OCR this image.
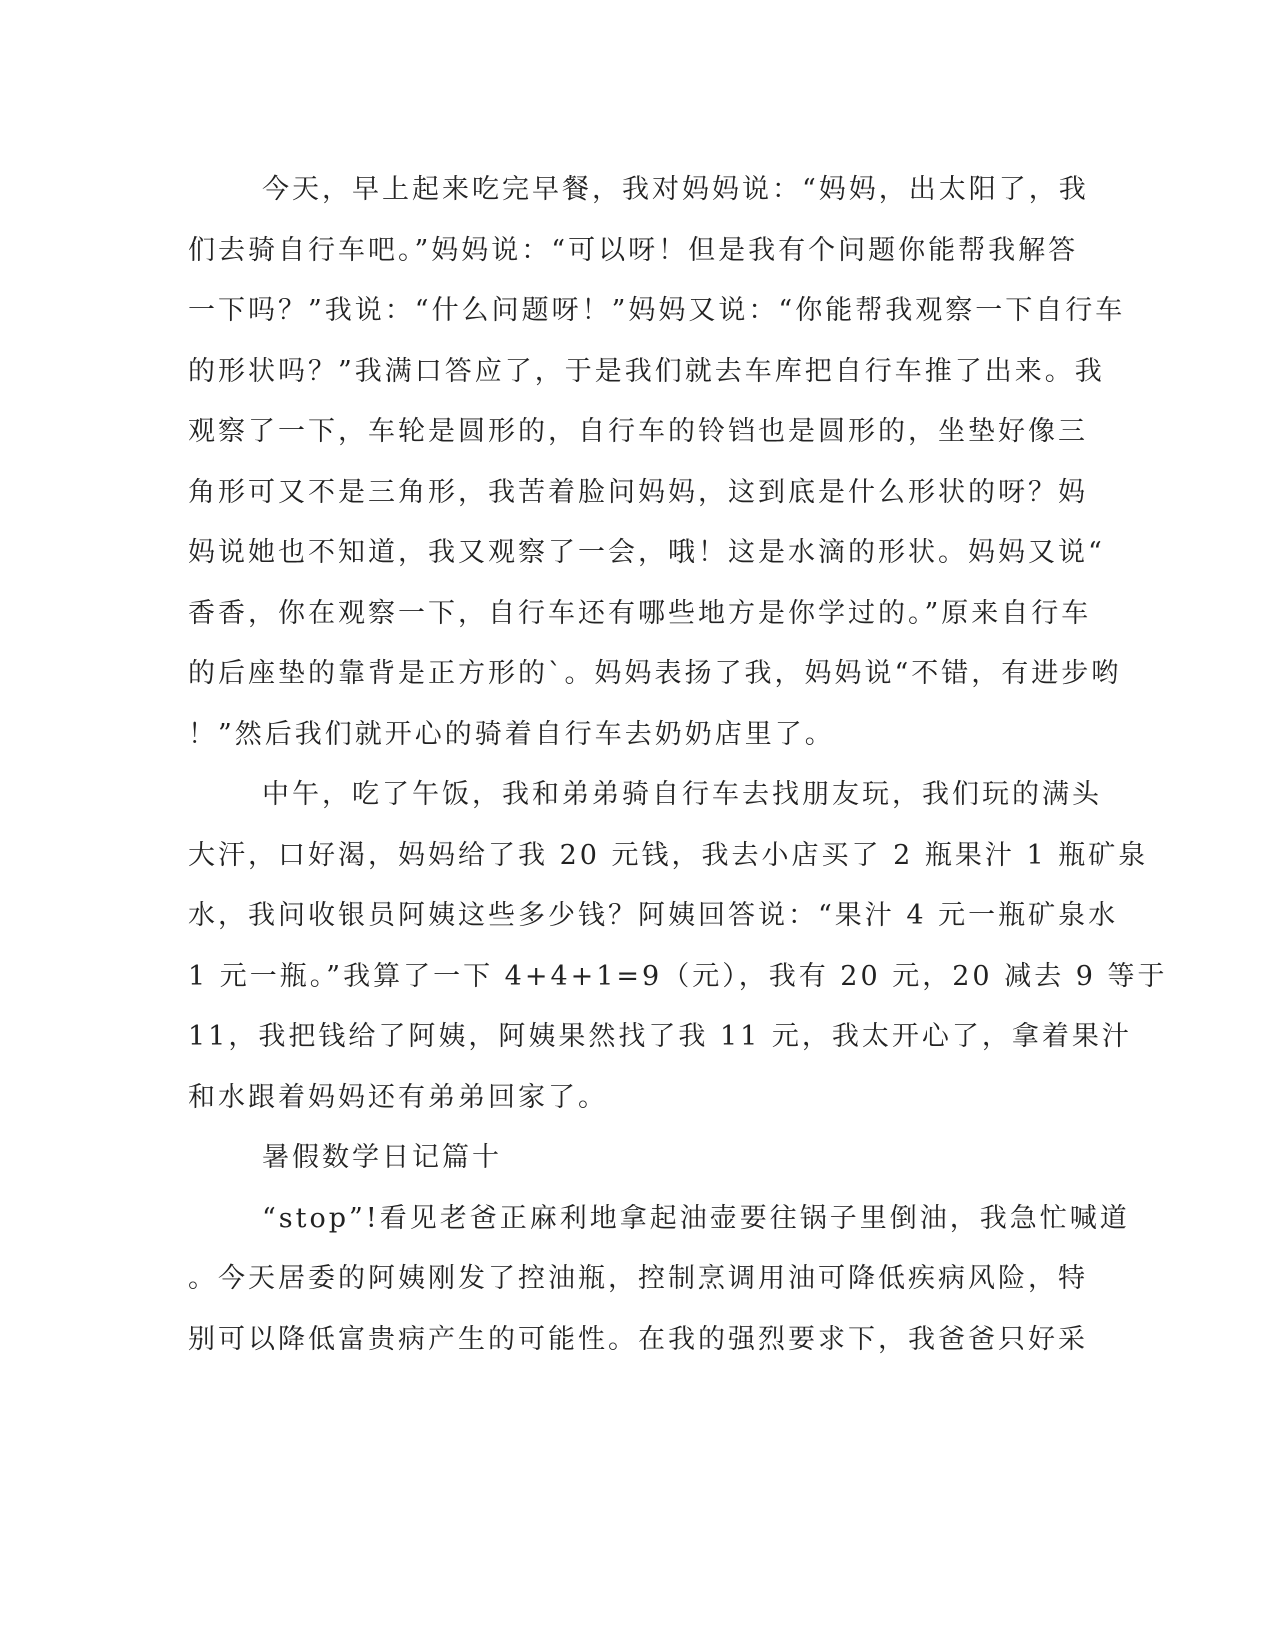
今天，早上起来吃完早餐，我对妈妈说：“妈妈，出太阳了，我
们去骑自行车吧。”妈妈说：“可以呀！但是我有个问题你能帮我解答
一下吗？”我说：“什么问题呀！”妈妈又说：“你能帮我观察一下自行车
的形状吗？”我满口答应了，于是我们就去车库把自行车推了出来。我
观察了一下，车轮是圆形的，自行车的铃铛也是圆形的，坐垫好像三
角形可又不是三角形，我苦着脸问妈妈，这到底是什么形状的呀？妈
妈说她也不知道，我又观察了一会，哦！这是水滴的形状。妈妈又说“
香香，你在观察一下，自行车还有哪些地方是你学过的。”原来自行车
的后座垫的靠背是正方形的`。妈妈表扬了我，妈妈说“不错，有进步哟
！”然后我们就开心的骑着自行车去奶奶店里了。
中午，吃了午饭，我和弟弟骑自行车去找朋友玩，我们玩的满头
大汗，口好渴，妈妈给了我 20 元钱，我去小店买了 2 瓶果汁 1 瓶矿泉
水，我问收银员阿姨这些多少钱？阿姨回答说：“果汁 4 元一瓶矿泉水
1 元一瓶。”我算了一下 4+4+1=9（元），我有 20 元，20 减去 9 等于
11，我把钱给了阿姨，阿姨果然找了我 11 元，我太开心了，拿着果汁
和水跟着妈妈还有弟弟回家了。
暑假数学日记篇十
“stop”!看见老爸正麻利地拿起油壶要往锅子里倒油，我急忙喊道
。今天居委的阿姨刚发了控油瓶，控制烹调用油可降低疾病风险，特
别可以降低富贵病产生的可能性。在我的强烈要求下，我爸爸只好采
